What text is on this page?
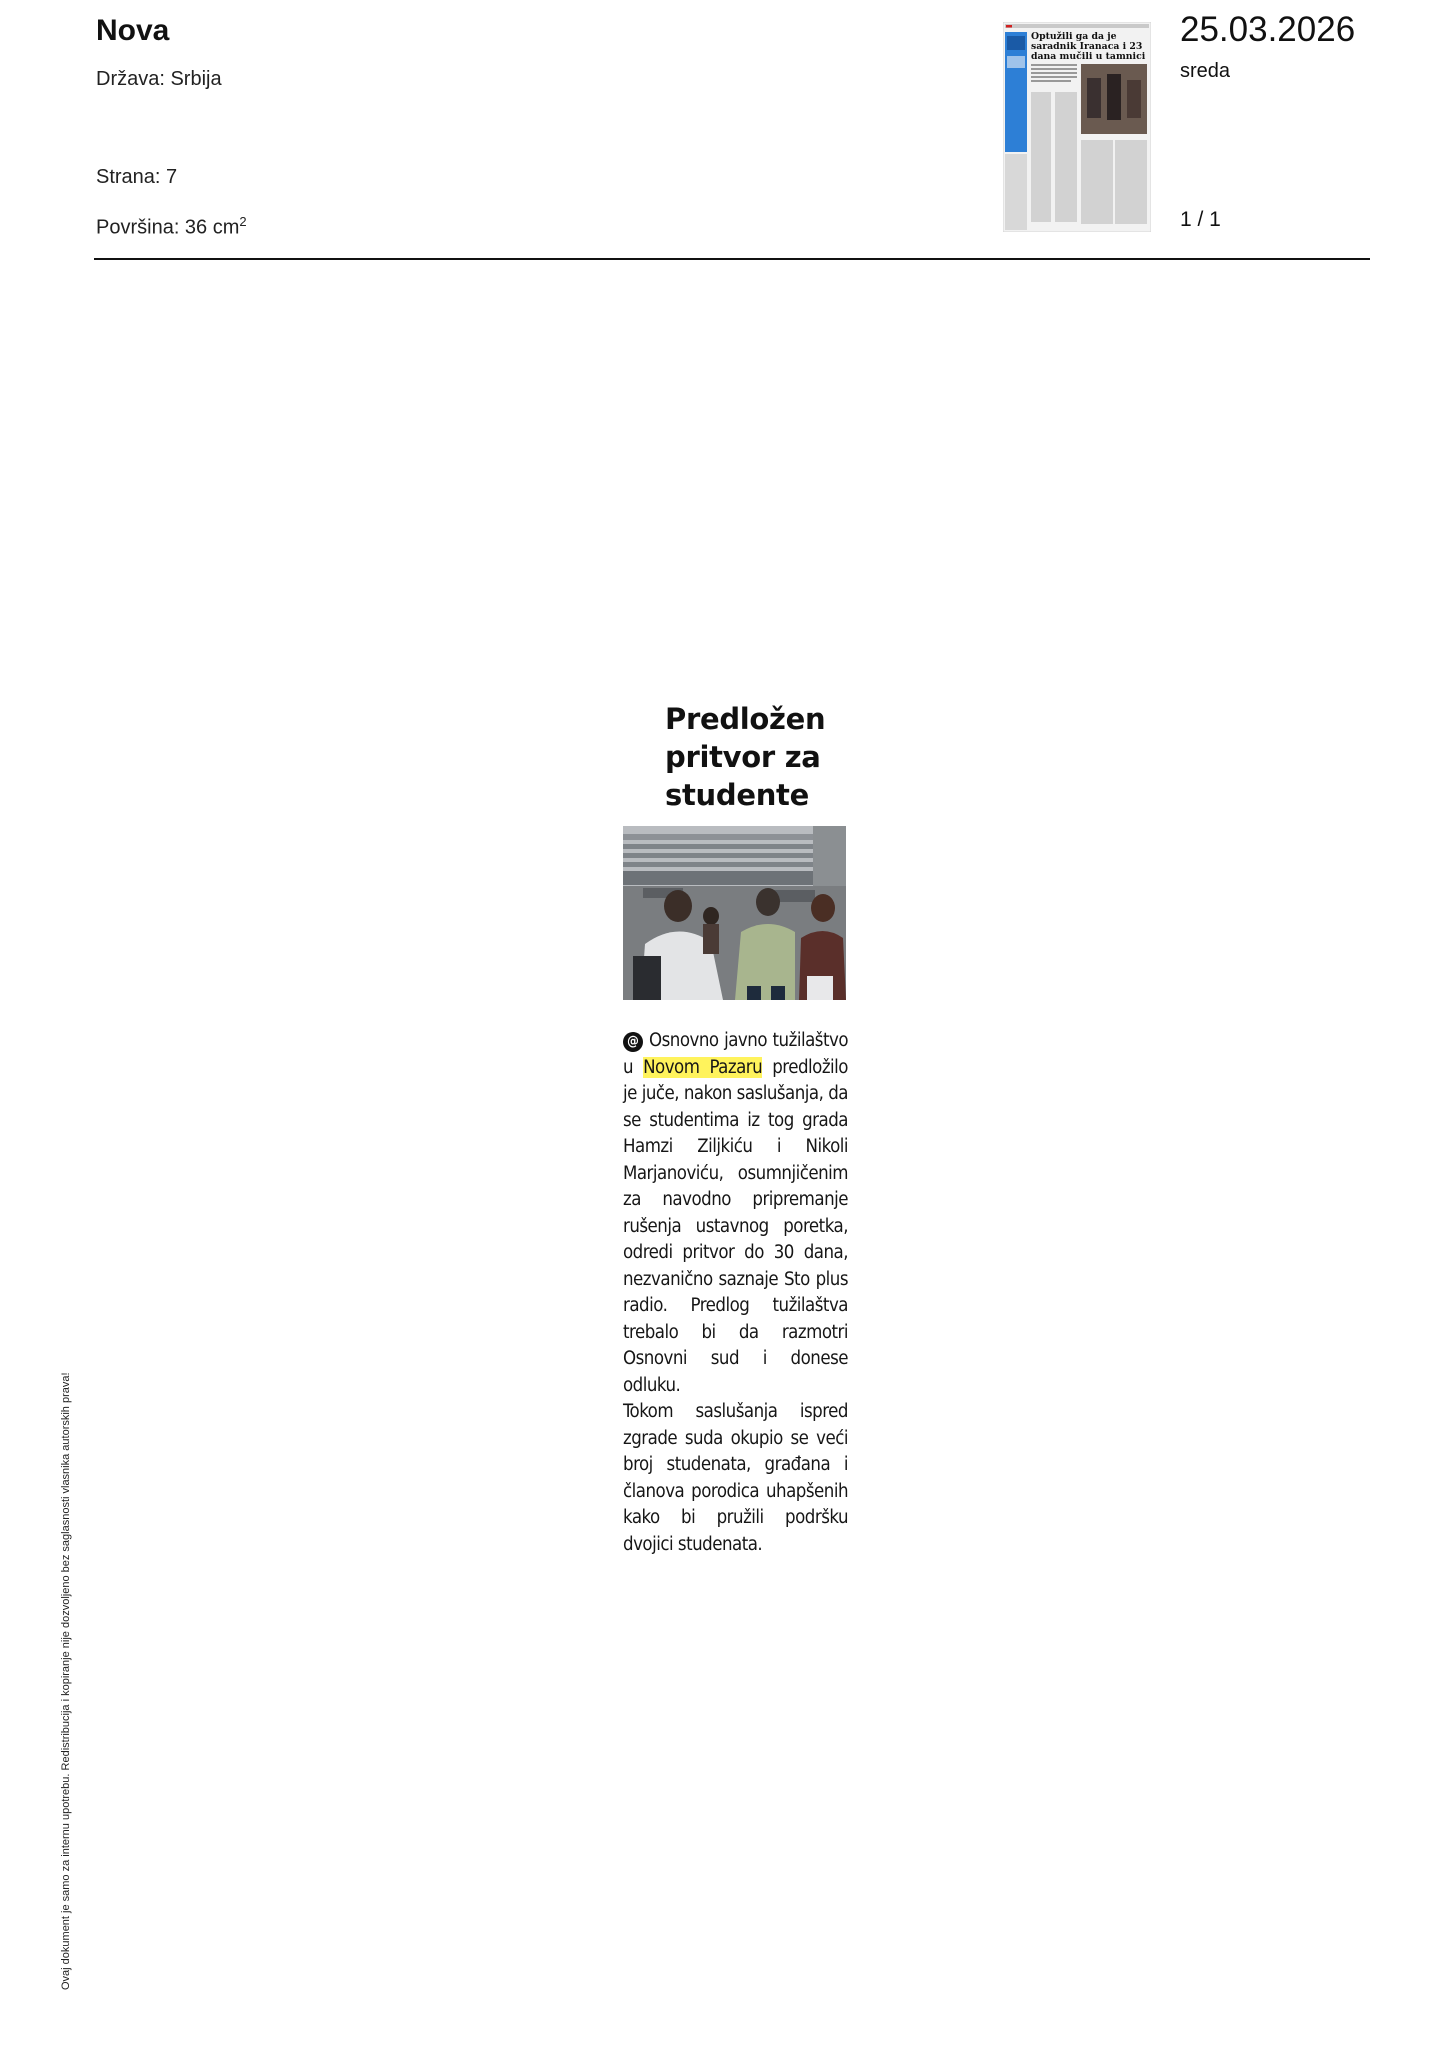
Nova
Država: Srbija
Strana: 7
Površina: 36 $cm^2$
Optužili ga da je
saradnik Iranaca i 23
dana mučili u tamnici
25.03.2026
sreda
1 / 1
Predložen
pritvor za
studente

@ Osnovno javno tužilaštvo u Novom Pazaru predložilo je juče, nakon saslušanja, da se studentima iz tog grada Hamzi Ziljkiću i Nikoli Marjanoviću, osumnjičenim za navodno pripremanje rušenja ustavnog poretka, odredi pritvor do 30 dana, nezvanično saznaje Sto plus radio. Predlog tužilaštva trebalo bi da razmotri Osnovni sud i donese odluku.

Tokom saslušanja ispred zgrade suda okupio se veći broj studenata, građana i članova porodica uhapšenih kako bi pružili podršku dvojici studenata.

Ovaj dokument je samo za internu upotrebu. Redistribucija i kopiranje nije dozvoljeno bez saglasnosti vlasnika autorskih prava!
